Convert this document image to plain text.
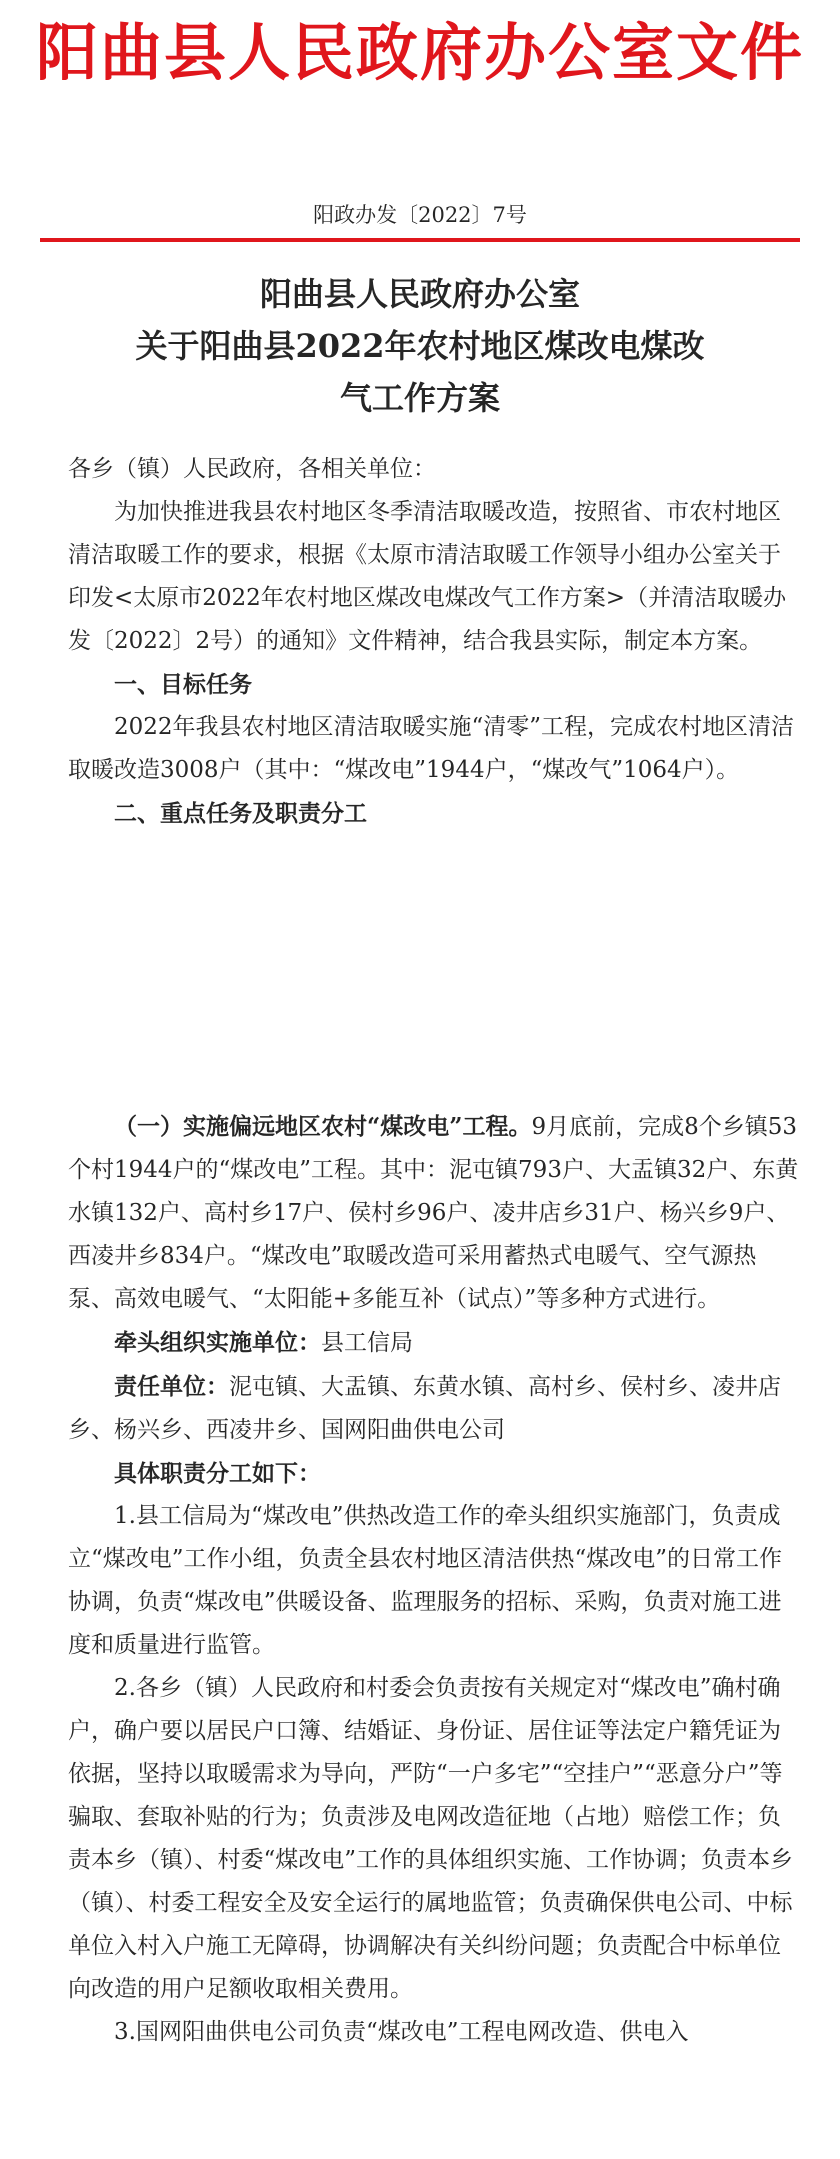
阳曲县人民政府办公室文件
阳政办发〔2022〕7号
阳曲县人民政府办公室
关于阳曲县2022年农村地区煤改电煤改
气工作方案

各乡（镇）人民政府，各相关单位：

为加快推进我县农村地区冬季清洁取暖改造，按照省、市农村地区清洁取暖工作的要求，根据《太原市清洁取暖工作领导小组办公室关于印发<太原市2022年农村地区煤改电煤改气工作方案>（并清洁取暖办发〔2022〕2号）的通知》文件精神，结合我县实际，制定本方案。

一、目标任务

2022年我县农村地区清洁取暖实施“清零”工程，完成农村地区清洁取暖改造3008户（其中：“煤改电”1944户，“煤改气”1064户）。

二、重点任务及职责分工

（一）实施偏远地区农村“煤改电”工程。9月底前，完成8个乡镇53个村1944户的“煤改电”工程。其中：泥屯镇793户、大盂镇32户、东黄水镇132户、高村乡17户、侯村乡96户、凌井店乡31户、杨兴乡9户、西凌井乡834户。“煤改电”取暖改造可采用蓄热式电暖气、空气源热泵、高效电暖气、“太阳能+多能互补（试点）”等多种方式进行。

牵头组织实施单位：县工信局

责任单位：泥屯镇、大盂镇、东黄水镇、高村乡、侯村乡、凌井店乡、杨兴乡、西凌井乡、国网阳曲供电公司

具体职责分工如下：

1.县工信局为“煤改电”供热改造工作的牵头组织实施部门，负责成立“煤改电”工作小组，负责全县农村地区清洁供热“煤改电”的日常工作协调，负责“煤改电”供暖设备、监理服务的招标、采购，负责对施工进度和质量进行监管。

2.各乡（镇）人民政府和村委会负责按有关规定对“煤改电”确村确户，确户要以居民户口簿、结婚证、身份证、居住证等法定户籍凭证为依据，坚持以取暖需求为导向，严防“一户多宅”“空挂户”“恶意分户”等骗取、套取补贴的行为；负责涉及电网改造征地（占地）赔偿工作；负责本乡（镇）、村委“煤改电”工作的具体组织实施、工作协调；负责本乡（镇）、村委工程安全及安全运行的属地监管；负责确保供电公司、中标单位入村入户施工无障碍，协调解决有关纠纷问题；负责配合中标单位向改造的用户足额收取相关费用。

3.国网阳曲供电公司负责“煤改电”工程电网改造、供电入
